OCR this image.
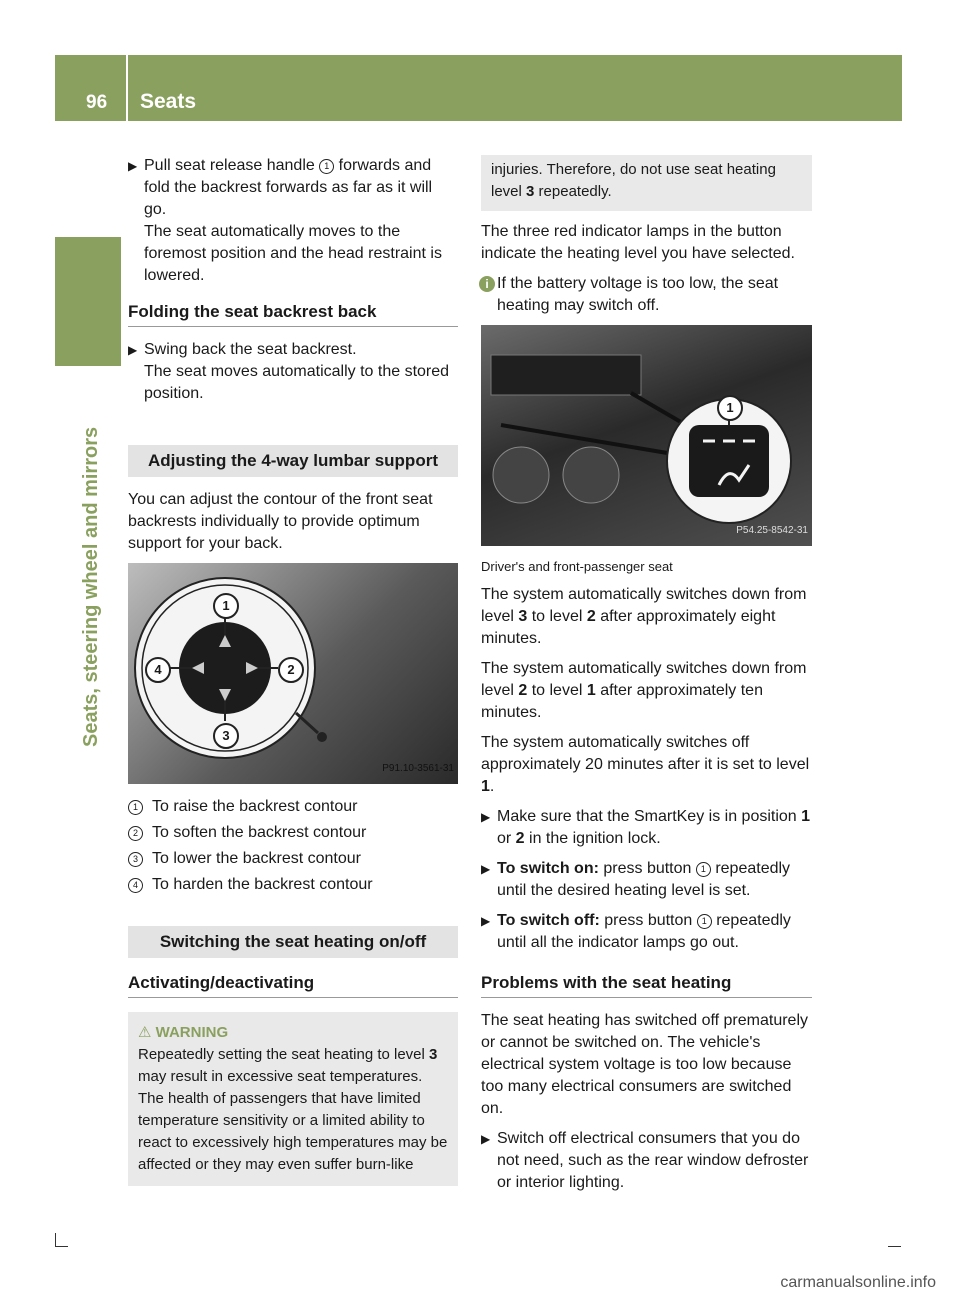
96 Seats
Seats, steering wheel and mirrors
▶ Pull seat release handle 1 forwards and fold the backrest forwards as far as it will go.
The seat automatically moves to the foremost position and the head restraint is lowered.
Folding the seat backrest back
▶ Swing back the seat backrest.
The seat moves automatically to the stored position.
Adjusting the 4-way lumbar support

You can adjust the contour of the front seat backrests individually to provide optimum support for your back.

1
2
3
4
P91.10-3561-31
1 To raise the backrest contour
2 To soften the backrest contour
3 To lower the backrest contour
4 To harden the backrest contour
Switching the seat heating on/off
Activating/deactivating
⚠ WARNING
Repeatedly setting the seat heating to level 3 may result in excessive seat temperatures. The health of passengers that have limited temperature sensitivity or a limited ability to react to excessively high temperatures may be affected or they may even suffer burn-like
injuries. Therefore, do not use seat heating level 3 repeatedly.

The three red indicator lamps in the button indicate the heating level you have selected.

i If the battery voltage is too low, the seat heating may switch off.
1
P54.25-8542-31
Driver's and front-passenger seat

The system automatically switches down from level 3 to level 2 after approximately eight minutes.

The system automatically switches down from level 2 to level 1 after approximately ten minutes.

The system automatically switches off approximately 20 minutes after it is set to level 1.

▶ Make sure that the SmartKey is in position 1 or 2 in the ignition lock.
▶ To switch on: press button 1 repeatedly until the desired heating level is set.
▶ To switch off: press button 1 repeatedly until all the indicator lamps go out.
Problems with the seat heating

The seat heating has switched off prematurely or cannot be switched on. The vehicle's electrical system voltage is too low because too many electrical consumers are switched on.

▶ Switch off electrical consumers that you do not need, such as the rear window defroster or interior lighting.
carmanualsonline.info
